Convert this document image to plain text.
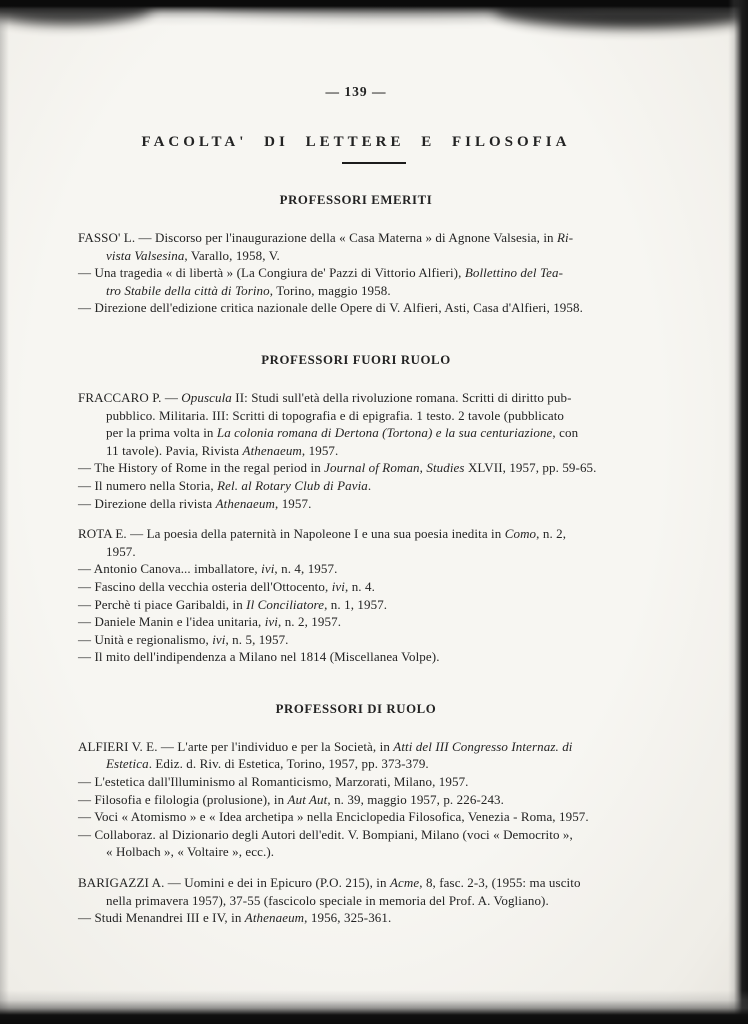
— 139 —
FACOLTA' DI LETTERE E FILOSOFIA
PROFESSORI EMERITI
FASSO' L. — Discorso per l'inaugurazione della « Casa Materna » di Agnone Valsesia, in Ri-
vista Valsesina, Varallo, 1958, V.
— Una tragedia « di libertà » (La Congiura de' Pazzi di Vittorio Alfieri), Bollettino del Tea-
tro Stabile della città di Torino, Torino, maggio 1958.
— Direzione dell'edizione critica nazionale delle Opere di V. Alfieri, Asti, Casa d'Alfieri, 1958.
PROFESSORI FUORI RUOLO
FRACCARO P. — Opuscula II: Studi sull'età della rivoluzione romana. Scritti di diritto pub-
pubblico. Militaria. III: Scritti di topografia e di epigrafia. 1 testo. 2 tavole (pubblicato
per la prima volta in La colonia romana di Dertona (Tortona) e la sua centuriazione, con
11 tavole). Pavia, Rivista Athenaeum, 1957.
— The History of Rome in the regal period in Journal of Roman, Studies XLVII, 1957, pp. 59-65.
— Il numero nella Storia, Rel. al Rotary Club di Pavia.
— Direzione della rivista Athenaeum, 1957.
ROTA E. — La poesia della paternità in Napoleone I e una sua poesia inedita in Como, n. 2,
1957.
— Antonio Canova... imballatore, ivi, n. 4, 1957.
— Fascino della vecchia osteria dell'Ottocento, ivi, n. 4.
— Perchè ti piace Garibaldi, in Il Conciliatore, n. 1, 1957.
— Daniele Manin e l'idea unitaria, ivi, n. 2, 1957.
— Unità e regionalismo, ivi, n. 5, 1957.
— Il mito dell'indipendenza a Milano nel 1814 (Miscellanea Volpe).
PROFESSORI DI RUOLO
ALFIERI V. E. — L'arte per l'individuo e per la Società, in Atti del III Congresso Internaz. di
Estetica. Ediz. d. Riv. di Estetica, Torino, 1957, pp. 373-379.
— L'estetica dall'Illuminismo al Romanticismo, Marzorati, Milano, 1957.
— Filosofia e filologia (prolusione), in Aut Aut, n. 39, maggio 1957, p. 226-243.
— Voci « Atomismo » e « Idea archetipa » nella Enciclopedia Filosofica, Venezia - Roma, 1957.
— Collaboraz. al Dizionario degli Autori dell'edit. V. Bompiani, Milano (voci « Democrito »,
« Holbach », « Voltaire », ecc.).
BARIGAZZI A. — Uomini e dei in Epicuro (P.O. 215), in Acme, 8, fasc. 2-3, (1955: ma uscito
nella primavera 1957), 37-55 (fascicolo speciale in memoria del Prof. A. Vogliano).
— Studi Menandrei III e IV, in Athenaeum, 1956, 325-361.
